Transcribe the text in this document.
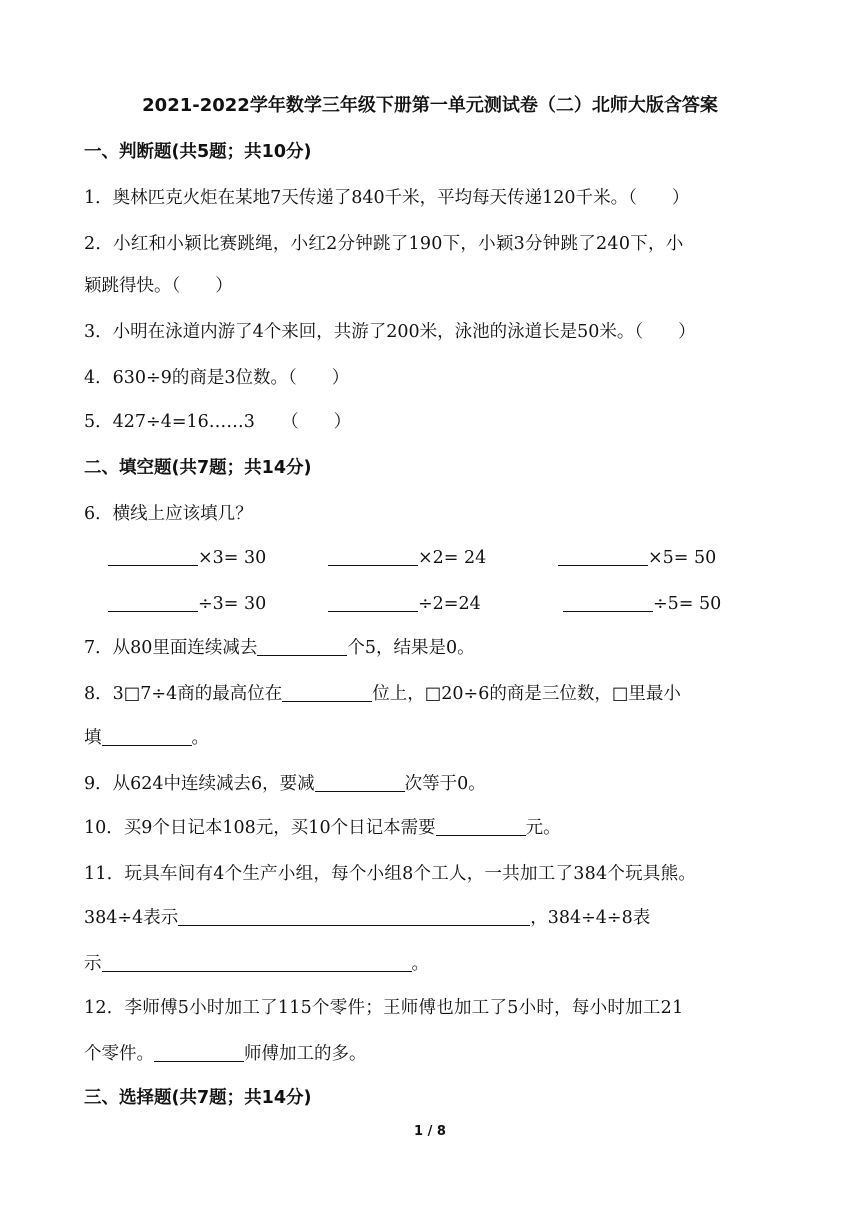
2021-2022学年数学三年级下册第一单元测试卷（二）北师大版含答案
一、判断题(共5题；共10分)
1．奥林匹克火炬在某地7天传递了840千米，平均每天传递120千米。（　　）
2．小红和小颖比赛跳绳，小红2分钟跳了190下，小颖3分钟跳了240下，小
颖跳得快。（　　）
3．小明在泳道内游了4个来回，共游了200米，泳池的泳道长是50米。（　　）
4．630÷9的商是3位数。（　　）
5．427÷4=16……3　　（　　）
二、填空题(共7题；共14分)
6．横线上应该填几？
×3= 30	×2= 24	×5= 50
÷3= 30	÷2=24	÷5= 50
7．从80里面连续减去	个5，结果是0。
8．3□7÷4商的最高位在	位上，□20÷6的商是三位数，□里最小
填	。
9．从624中连续减去6，要减	次等于0。
10．买9个日记本108元，买10个日记本需要	元。
11．玩具车间有4个生产小组，每个小组8个工人，一共加工了384个玩具熊。
384÷4表示	，384÷4÷8表
示	。
12．李师傅5小时加工了115个零件；王师傅也加工了5小时，每小时加工21
个零件。	师傅加工的多。
三、选择题(共7题；共14分)
1 / 8
